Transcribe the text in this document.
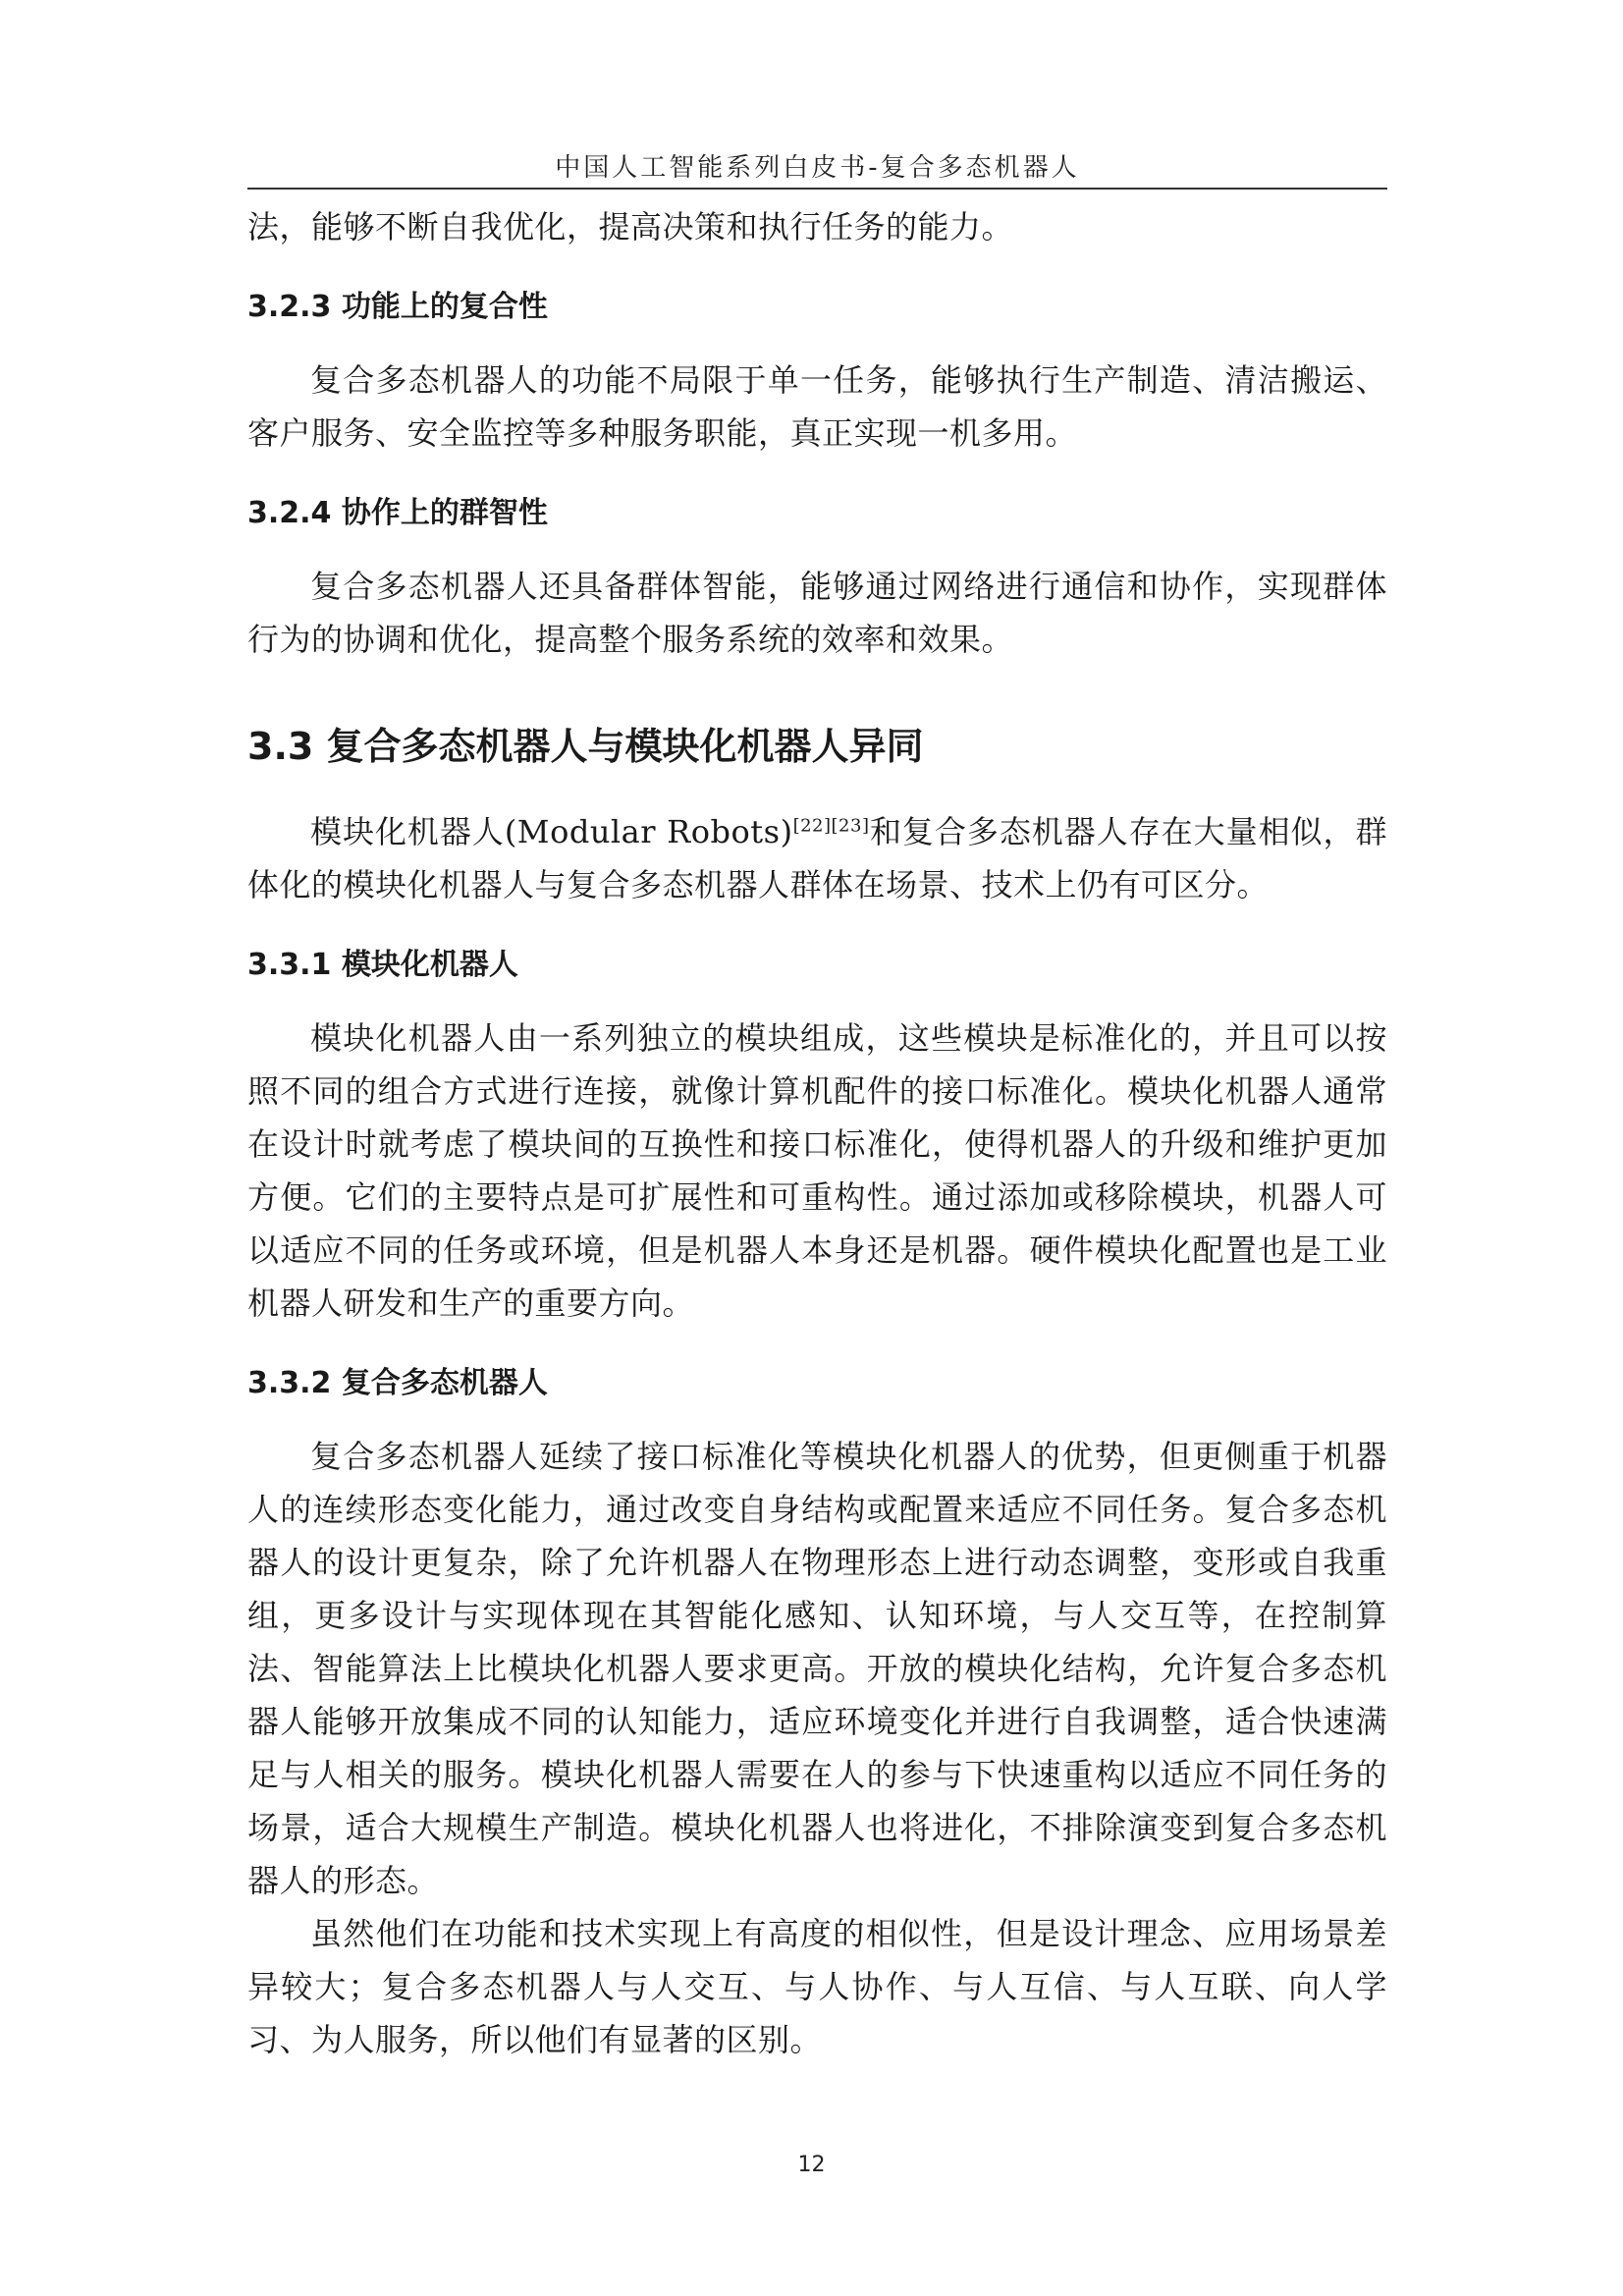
中国人工智能系列白皮书-复合多态机器人

法，能够不断自我优化，提高决策和执行任务的能力。

3.2.3 功能上的复合性

复合多态机器人的功能不局限于单一任务，能够执行生产制造、清洁搬运、客户服务、安全监控等多种服务职能，真正实现一机多用。

3.2.4 协作上的群智性

复合多态机器人还具备群体智能，能够通过网络进行通信和协作，实现群体行为的协调和优化，提高整个服务系统的效率和效果。

3.3 复合多态机器人与模块化机器人异同

模块化机器人(Modular Robots)[22][23]和复合多态机器人存在大量相似，群体化的模块化机器人与复合多态机器人群体在场景、技术上仍有可区分。

3.3.1 模块化机器人

模块化机器人由一系列独立的模块组成，这些模块是标准化的，并且可以按照不同的组合方式进行连接，就像计算机配件的接口标准化。模块化机器人通常在设计时就考虑了模块间的互换性和接口标准化，使得机器人的升级和维护更加方便。它们的主要特点是可扩展性和可重构性。通过添加或移除模块，机器人可以适应不同的任务或环境，但是机器人本身还是机器。硬件模块化配置也是工业机器人研发和生产的重要方向。

3.3.2 复合多态机器人

复合多态机器人延续了接口标准化等模块化机器人的优势，但更侧重于机器人的连续形态变化能力，通过改变自身结构或配置来适应不同任务。复合多态机器人的设计更复杂，除了允许机器人在物理形态上进行动态调整，变形或自我重组，更多设计与实现体现在其智能化感知、认知环境，与人交互等，在控制算法、智能算法上比模块化机器人要求更高。开放的模块化结构，允许复合多态机器人能够开放集成不同的认知能力，适应环境变化并进行自我调整，适合快速满足与人相关的服务。模块化机器人需要在人的参与下快速重构以适应不同任务的场景，适合大规模生产制造。模块化机器人也将进化，不排除演变到复合多态机器人的形态。

虽然他们在功能和技术实现上有高度的相似性，但是设计理念、应用场景差异较大；复合多态机器人与人交互、与人协作、与人互信、与人互联、向人学习、为人服务，所以他们有显著的区别。

12
